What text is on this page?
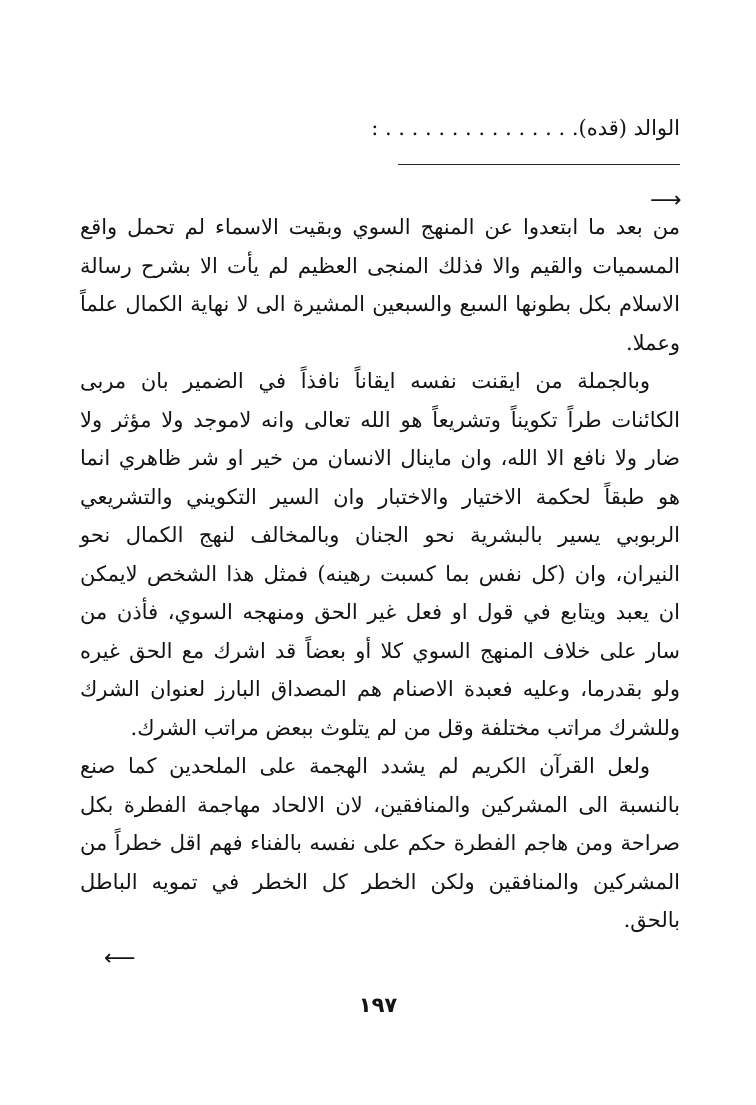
الوالد (قده). . . . . . . . . . . . . . . :
⟶

من بعد ما ابتعدوا عن المنهج السوي وبقيت الاسماء لم تحمل واقع المسميات والقيم والا فذلك المنجى العظيم لم يأت الا بشرح رسالة الاسلام بكل بطونها السبع والسبعين المشيرة الى لا نهاية الكمال علماً وعملا.

وبالجملة من ايقنت نفسه ايقاناً نافذاً في الضمير بان مربى الكائنات طراً تكويناً وتشريعاً هو الله تعالى وانه لاموجد ولا مؤثر ولا ضار ولا نافع الا الله، وان ماينال الانسان من خير او شر ظاهري انما هو طبقاً لحكمة الاختيار والاختبار وان السير التكويني والتشريعي الربوبي يسير بالبشرية نحو الجنان وبالمخالف لنهج الكمال نحو النيران، وان (كل نفس بما كسبت رهينه) فمثل هذا الشخص لايمكن ان يعبد ويتابع في قول او فعل غير الحق ومنهجه السوي، فأذن من سار على خلاف المنهج السوي كلا أو بعضاً قد اشرك مع الحق غيره ولو بقدرما، وعليه فعبدة الاصنام هم المصداق البارز لعنوان الشرك وللشرك مراتب مختلفة وقل من لم يتلوث ببعض مراتب الشرك.

ولعل القرآن الكريم لم يشدد الهجمة على الملحدين كما صنع بالنسبة الى المشركين والمنافقين، لان الالحاد مهاجمة الفطرة بكل صراحة ومن هاجم الفطرة حكم على نفسه بالفناء فهم اقل خطراً من المشركين والمنافقين ولكن الخطر كل الخطر في تمويه الباطل بالحق.

⟵
١٩٧
